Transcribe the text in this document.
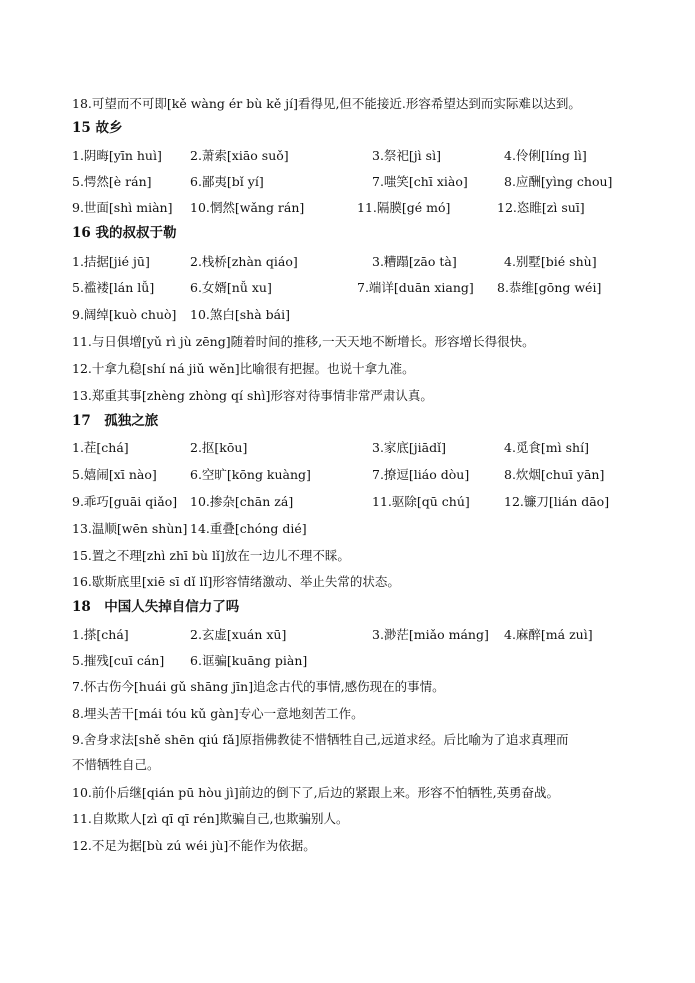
18.可望而不可即[kě wàng ér bù kě jí]看得见,但不能接近.形容希望达到而实际难以达到。
15 故乡
1.阴晦[yīn huì] 2.萧索[xiāo suǒ]	3.祭祀[jì sì]	4.伶俐[líng lì]
5.愕然[è rán]	6.鄙夷[bǐ yí]	7.嗤笑[chī xiào]	8.应酬[yìng chou]
9.世面[shì miàn] 10.惘然[wǎng rán]	11.隔膜[gé mó]	12.恣睢[zì suī]
16 我的叔叔于勒
1.拮据[jié jū]	2.栈桥[zhàn qiáo]	3.糟蹋[zāo tà]	4.别墅[bié shù]
5.褴褛[lán lǚ]	6.女婿[nǚ xu]	7.端详[duān xiang] 8.恭维[gōng wéi]
9.阔绰[kuò chuò] 10.煞白[shà bái]
11.与日俱增[yǔ rì jù zēng]随着时间的推移,一天天地不断增长。形容增长得很快。
12.十拿九稳[shí ná jiǔ wěn]比喻很有把握。也说十拿九准。
13.郑重其事[zhèng zhòng qí shì]形容对待事情非常严肃认真。
17　孤独之旅
1.茬[chá]	2.抠[kōu]	3.家底[jiādǐ]	4.觅食[mì shí]
5.嬉闹[xī nào]	6.空旷[kōng kuàng]	7.撩逗[liáo dòu]	8.炊烟[chuī yān]
9.乖巧[guāi qiǎo] 10.掺杂[chān zá]	11.驱除[qū chú]	12.镰刀[lián dāo]
13.温顺[wēn shùn] 14.重叠[chóng dié]
15.置之不理[zhì zhī bù lǐ]放在一边儿不理不睬。
16.歇斯底里[xiē sī dǐ lǐ]形容情绪激动、举止失常的状态。
18　中国人失掉自信力了吗
1.搽[chá]	2.玄虚[xuán xū]	3.渺茫[miǎo máng] 4.麻醉[má zuì]
5.摧残[cuī cán] 6.诓骗[kuāng piàn]
7.怀古伤今[huái gǔ shāng jīn]追念古代的事情,感伤现在的事情。
8.埋头苦干[mái tóu kǔ gàn]专心一意地刻苦工作。
9.舍身求法[shě shēn qiú fǎ]原指佛教徒不惜牺牲自己,远道求经。后比喻为了追求真理而
不惜牺牲自己。
10.前仆后继[qián pū hòu jì]前边的倒下了,后边的紧跟上来。形容不怕牺牲,英勇奋战。
11.自欺欺人[zì qī qī rén]欺骗自己,也欺骗别人。
12.不足为据[bù zú wéi jù]不能作为依据。
